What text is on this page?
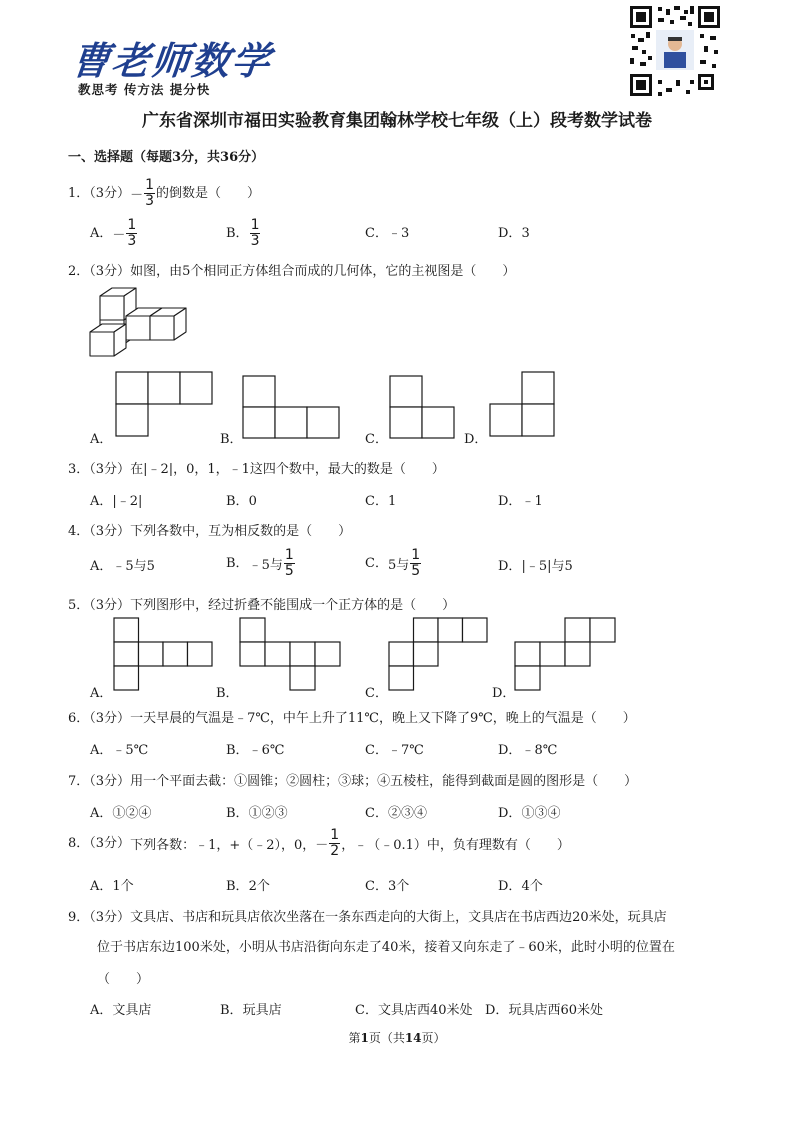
曹老师数学
教思考 传方法 提分快
广东省深圳市福田实验教育集团翰林学校七年级（上）段考数学试卷
一、选择题（每题3分，共36分）
1．（3分）－ $\frac{1}{3}$ 的倒数是（　　）
A．－ $\frac{1}{3}$	B． $\frac{1}{3}$	C．﹣3	D．3
2．（3分）如图，由5个相同正方体组合而成的几何体，它的主视图是（　　）
A．	B．	C．	D．
3．（3分）在|﹣2|，0，1，﹣1这四个数中，最大的数是（　　）
A．|﹣2|	B．0	C．1	D．﹣1
4．（3分）下列各数中，互为相反数的是（　　）
A．﹣5与5	B．﹣5与 $\frac{1}{5}$	C．5与 $\frac{1}{5}$	D．|﹣5|与5
5．（3分）下列图形中，经过折叠不能围成一个正方体的是（　　）
A．	B．	C．	D．
6．（3分）一天早晨的气温是﹣7℃，中午上升了11℃，晚上又下降了9℃，晚上的气温是（　　）
A．﹣5℃	B．﹣6℃	C．﹣7℃	D．﹣8℃
7．（3分）用一个平面去截：①圆锥；②圆柱；③球；④五棱柱，能得到截面是圆的图形是（　　）
A．①②④	B．①②③	C．②③④	D．①③④
8．（3分）下列各数：﹣1，+（﹣2），0，－ $\frac{1}{2}$ ，﹣（﹣0.1）中，负有理数有（　　）
A．1个	B．2个	C．3个	D．4个
9．（3分）文具店、书店和玩具店依次坐落在一条东西走向的大街上，文具店在书店西边20米处，玩具店
位于书店东边100米处，小明从书店沿街向东走了40米，接着又向东走了﹣60米，此时小明的位置在
（　　）
A．文具店	B．玩具店	C．文具店西40米处 D．玩具店西60米处
第1页（共14页）
